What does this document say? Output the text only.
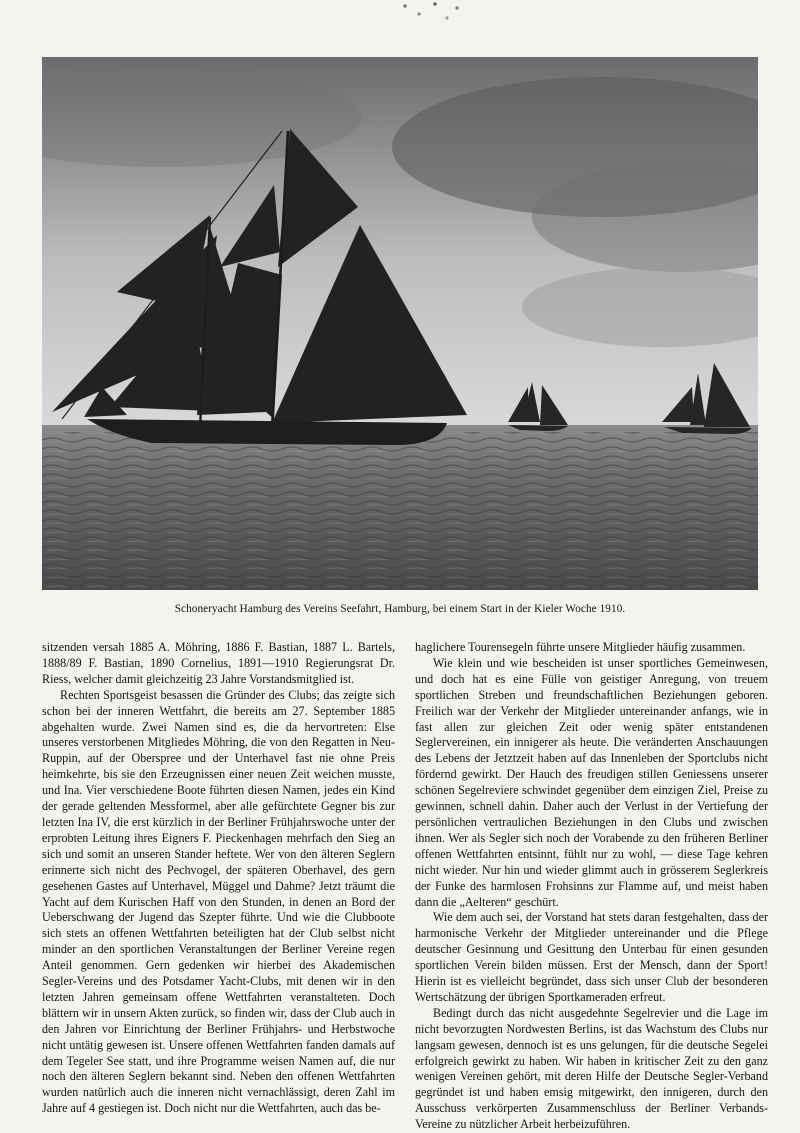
Schoneryacht Hamburg des Vereins Seefahrt, Hamburg, bei einem Start in der Kieler Woche 1910.

sitzenden versah 1885 A. Möhring, 1886 F. Bastian, 1887 L. Bartels, 1888/89 F. Bastian, 1890 Cornelius, 1891—1910 Regierungsrat Dr. Riess, welcher damit gleichzeitig 23 Jahre Vorstandsmitglied ist.

Rechten Sportsgeist besassen die Gründer des Clubs; das zeigte sich schon bei der inneren Wettfahrt, die bereits am 27. September 1885 abgehalten wurde. Zwei Namen sind es, die da hervortreten: Else unseres verstorbenen Mitgliedes Möhring, die von den Regatten in Neu-Ruppin, auf der Oberspree und der Unterhavel fast nie ohne Preis heimkehrte, bis sie den Erzeugnissen einer neuen Zeit weichen musste, und Ina. Vier verschiedene Boote führten diesen Namen, jedes ein Kind der gerade geltenden Messformel, aber alle gefürchtete Gegner bis zur letzten Ina IV, die erst kürzlich in der Berliner Frühjahrswoche unter der erprobten Leitung ihres Eigners F. Pieckenhagen mehrfach den Sieg an sich und somit an unseren Stander heftete. Wer von den älteren Seglern erinnerte sich nicht des Pechvogel, der späteren Oberhavel, des gern gesehenen Gastes auf Unterhavel, Müggel und Dahme? Jetzt träumt die Yacht auf dem Kurischen Haff von den Stunden, in denen an Bord der Ueberschwang der Jugend das Szepter führte. Und wie die Clubboote sich stets an offenen Wettfahrten beteiligten hat der Club selbst nicht minder an den sportlichen Veranstaltungen der Berliner Vereine regen Anteil genommen. Gern gedenken wir hierbei des Akademischen Segler-Vereins und des Potsdamer Yacht-Clubs, mit denen wir in den letzten Jahren gemeinsam offene Wettfahrten veranstalteten. Doch blättern wir in unsern Akten zurück, so finden wir, dass der Club auch in den Jahren vor Einrichtung der Berliner Frühjahrs- und Herbstwoche nicht untätig gewesen ist. Unsere offenen Wettfahrten fanden damals auf dem Tegeler See statt, und ihre Programme weisen Namen auf, die nur noch den älteren Seglern bekannt sind. Neben den offenen Wettfahrten wurden natürlich auch die inneren nicht vernachlässigt, deren Zahl im Jahre auf 4 gestiegen ist. Doch nicht nur die Wettfahrten, auch das be-

haglichere Tourensegeln führte unsere Mitglieder häufig zusammen.

Wie klein und wie bescheiden ist unser sportliches Gemeinwesen, und doch hat es eine Fülle von geistiger Anregung, von treuem sportlichen Streben und freundschaftlichen Beziehungen geboren. Freilich war der Verkehr der Mitglieder untereinander anfangs, wie in fast allen zur gleichen Zeit oder wenig später entstandenen Seglervereinen, ein innigerer als heute. Die veränderten Anschauungen des Lebens der Jetztzeit haben auf das Innenleben der Sportclubs nicht fördernd gewirkt. Der Hauch des freudigen stillen Geniessens unserer schönen Segelreviere schwindet gegenüber dem einzigen Ziel, Preise zu gewinnen, schnell dahin. Daher auch der Verlust in der Vertiefung der persönlichen vertraulichen Beziehungen in den Clubs und zwischen ihnen. Wer als Segler sich noch der Vorabende zu den früheren Berliner offenen Wettfahrten entsinnt, fühlt nur zu wohl, — diese Tage kehren nicht wieder. Nur hin und wieder glimmt auch in grösserem Seglerkreis der Funke des harmlosen Frohsinns zur Flamme auf, und meist haben dann die „Aelteren“ geschürt.

Wie dem auch sei, der Vorstand hat stets daran festgehalten, dass der harmonische Verkehr der Mitglieder untereinander und die Pflege deutscher Gesinnung und Gesittung den Unterbau für einen gesunden sportlichen Verein bilden müssen. Erst der Mensch, dann der Sport! Hierin ist es vielleicht begründet, dass sich unser Club der besonderen Wertschätzung der übrigen Sportkameraden erfreut.

Bedingt durch das nicht ausgedehnte Segelrevier und die Lage im nicht bevorzugten Nordwesten Berlins, ist das Wachstum des Clubs nur langsam gewesen, dennoch ist es uns gelungen, für die deutsche Segelei erfolgreich gewirkt zu haben. Wir haben in kritischer Zeit zu den ganz wenigen Vereinen gehört, mit deren Hilfe der Deutsche Segler-Verband gegründet ist und haben emsig mitgewirkt, den innigeren, durch den Ausschuss verkörperten Zusammenschluss der Berliner Verbands-Vereine zu nützlicher Arbeit herbeizuführen.
